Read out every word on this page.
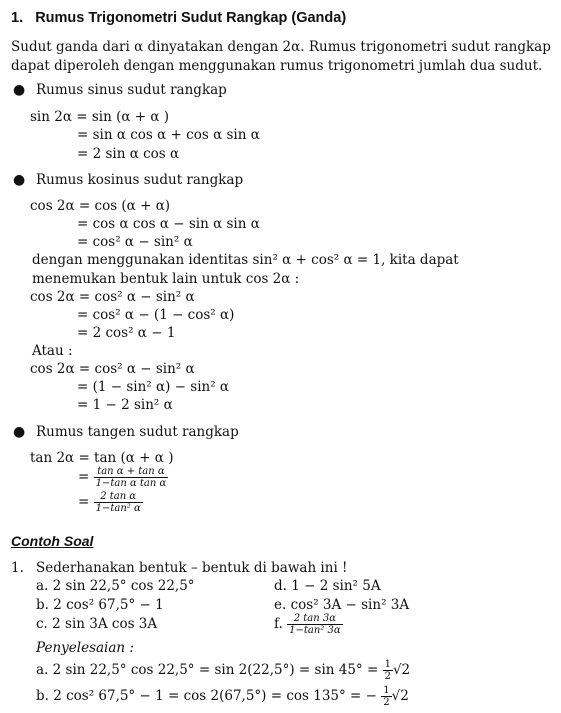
1. Rumus Trigonometri Sudut Rangkap (Ganda)
Sudut ganda dari α dinyatakan dengan 2α. Rumus trigonometri sudut rangkap dapat diperoleh dengan menggunakan rumus trigonometri jumlah dua sudut.
● Rumus sinus sudut rangkap
sin 2α = sin (α + α )
= sin α cos α + cos α sin α
= 2 sin α cos α
● Rumus kosinus sudut rangkap
cos 2α = cos (α + α)
= cos α cos α − sin α sin α
= cos² α − sin² α
dengan menggunakan identitas sin² α + cos² α = 1, kita dapat menemukan bentuk lain untuk cos 2α :
cos 2α = cos² α − sin² α
= cos² α − (1 − cos² α)
= 2 cos² α − 1
Atau :
cos 2α = cos² α − sin² α
= (1 − sin² α) − sin² α
= 1 − 2 sin² α
● Rumus tangen sudut rangkap
tan 2α = tan (α + α )
= $\frac{\text{tan α + tan α}}{\text{1−tan α tan α}}$
= $\frac{\text{2 tan α}}{\text{1−tan² α}}$
Contoh Soal
1. Sederhanakan bentuk – bentuk di bawah ini !
a. 2 sin 22,5° cos 22,5°
b. 2 cos² 67,5° − 1
c. 2 sin 3A cos 3A
d. 1 − 2 sin² 5A
e. cos² 3A − sin² 3A
f. $\frac{2 \tan 3\alpha}{\text{1−tan² 3α}}$
Penyelesaian :
a. 2 sin 22,5° $\cos 22,5^\circ = \sin 2(22,5^\circ) = \sin 45^\circ = \frac{1}{2} √2$
b. 2 cos² 67,5° − 1 = cos 2(67,5°) = cos 135° = − $\frac{1}{2} √2$
